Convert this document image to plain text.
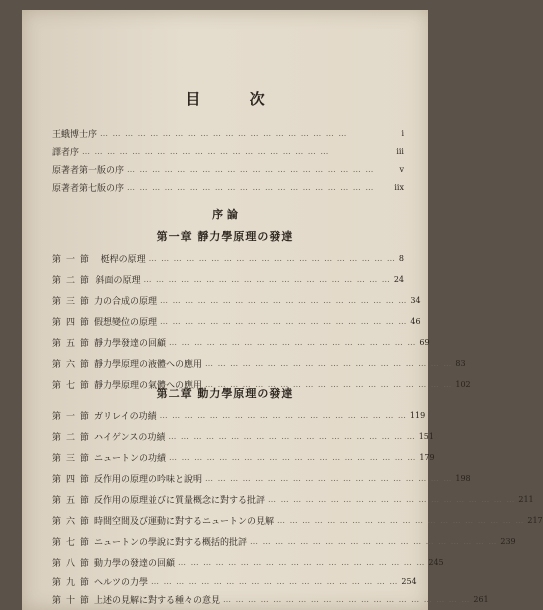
目 次
王蛾博士序 … … … … … … … … … … … … … … … … … … … …	i
譯者序 … … … … … … … … … … … … … … … … … … … …	iii
原著者第一版の序 … … … … … … … … … … … … … … … … … … … …	v
原著者第七版の序 … … … … … … … … … … … … … … … … … … … …	iix
序 論
第一章 靜力學原理の發達
第一節 梃桿の原理 … … … … … … … … … … … … … … … … … … … … 8
第二節 斜面の原理 … … … … … … … … … … … … … … … … … … … … 24
第三節 力の合成の原理 … … … … … … … … … … … … … … … … … … … … 34
第四節 假想變位の原理 … … … … … … … … … … … … … … … … … … … … 46
第五節 靜力學發達の回顧 … … … … … … … … … … … … … … … … … … … … 69
第六節 靜力學原理の液體への應用 … … … … … … … … … … … … … … … … … … … … 83
第七節 靜力學原理の氣體への應用 … … … … … … … … … … … … … … … … … … … … 102
第二章 動力學原理の發達
第一節 ガリレイの功績 … … … … … … … … … … … … … … … … … … … … 119
第二節 ハイゲンスの功績 … … … … … … … … … … … … … … … … … … … … 151
第三節 ニュートンの功績 … … … … … … … … … … … … … … … … … … … … 179
第四節 反作用の原理の吟味と說明 … … … … … … … … … … … … … … … … … … … … 198
第五節 反作用の原理並びに質量概念に對する批評 … … … … … … … … … … … … … … … … … … … … 211
第六節 時間空間及び運動に對するニュートンの見解 … … … … … … … … … … … … … … … … … … … … 217
第七節 ニュートンの學說に對する概括的批評 … … … … … … … … … … … … … … … … … … … … 239
第八節 動力學の發達の回顧 … … … … … … … … … … … … … … … … … … … … 245
第九節 ヘルツの力學 … … … … … … … … … … … … … … … … … … … … 254
第十節 上述の見解に對する種々の意見 … … … … … … … … … … … … … … … … … … … … 261
